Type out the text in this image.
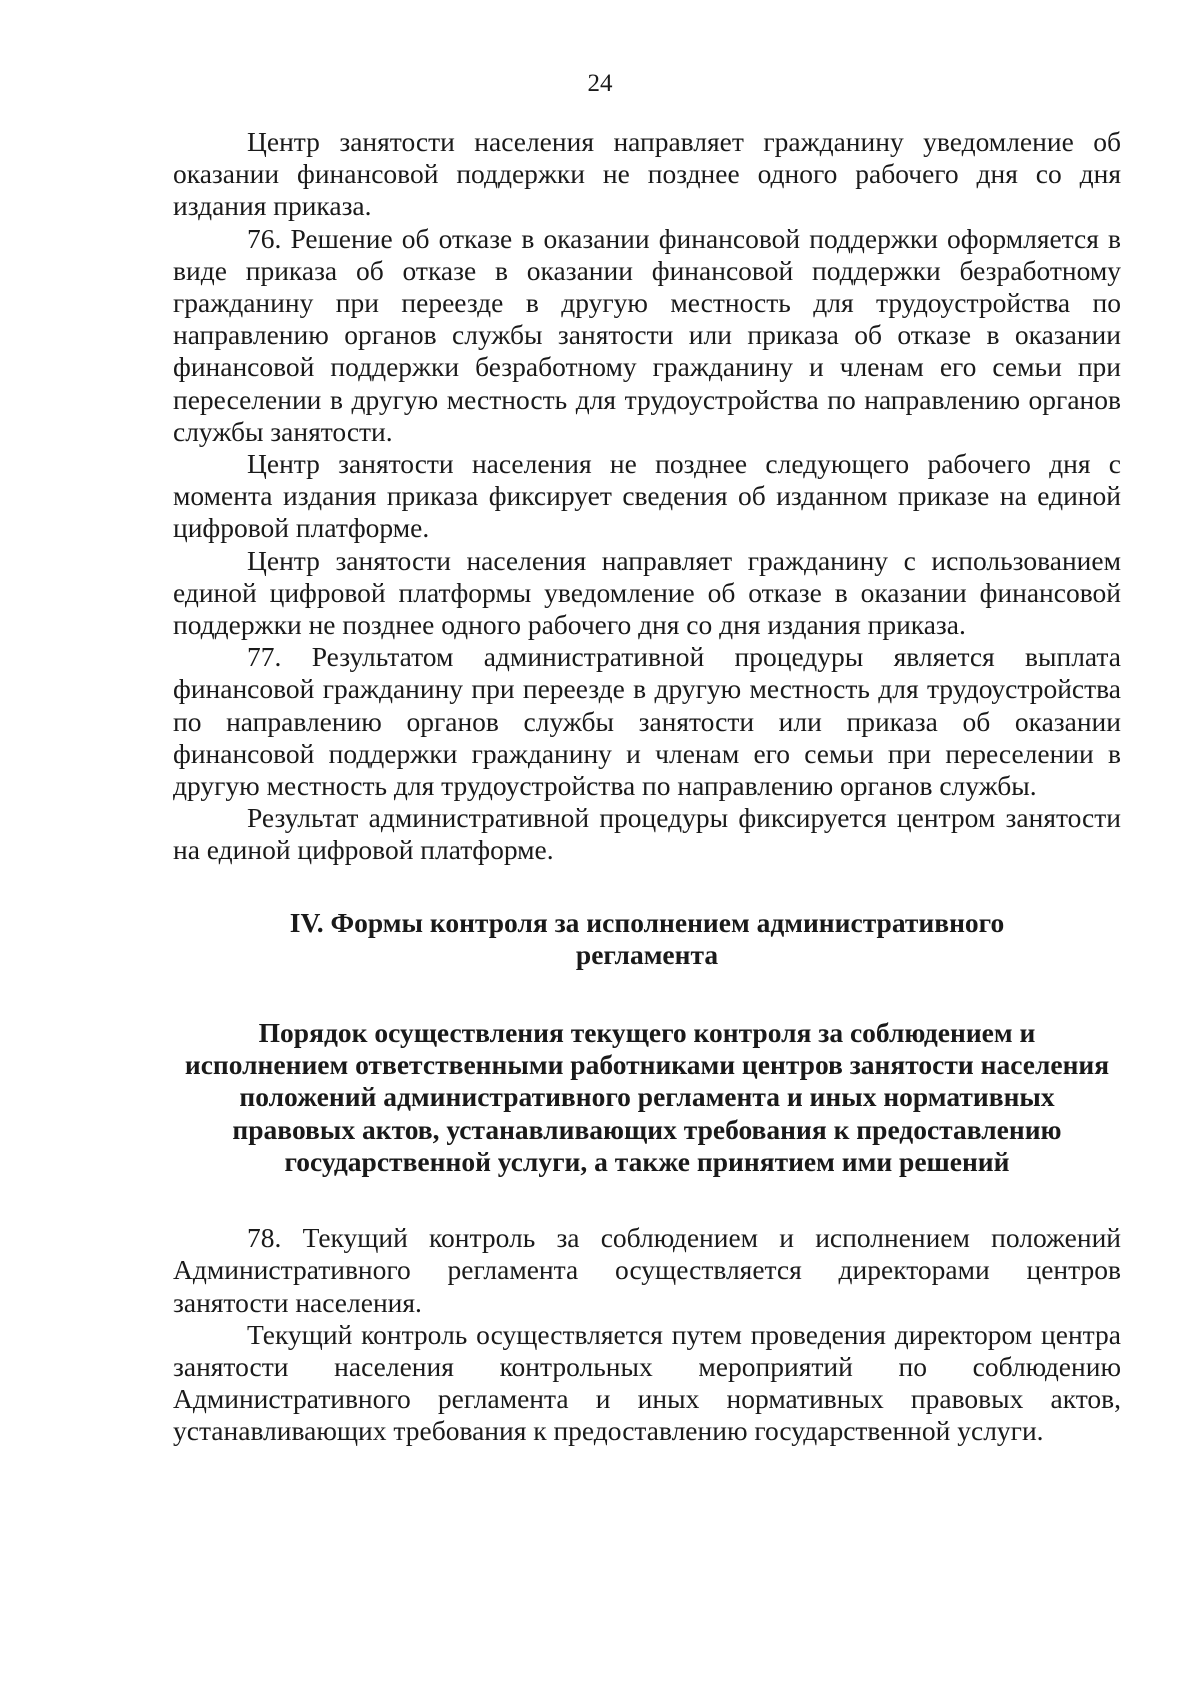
24

Центр занятости населения направляет гражданину уведомление об оказании финансовой поддержки не позднее одного рабочего дня со дня издания приказа.

76. Решение об отказе в оказании финансовой поддержки оформляется в виде приказа об отказе в оказании финансовой поддержки безработному гражданину при переезде в другую местность для трудоустройства по направлению органов службы занятости или приказа об отказе в оказании финансовой поддержки безработному гражданину и членам его семьи при переселении в другую местность для трудоустройства по направлению органов службы занятости.

Центр занятости населения не позднее следующего рабочего дня с момента издания приказа фиксирует сведения об изданном приказе на единой цифровой платформе.

Центр занятости населения направляет гражданину с использованием единой цифровой платформы уведомление об отказе в оказании финансовой поддержки не позднее одного рабочего дня со дня издания приказа.

77. Результатом административной процедуры является выплата финансовой гражданину при переезде в другую местность для трудоустройства по направлению органов службы занятости или приказа об оказании финансовой поддержки гражданину и членам его семьи при переселении в другую местность для трудоустройства по направлению органов службы.

Результат административной процедуры фиксируется центром занятости на единой цифровой платформе.

IV. Формы контроля за исполнением административного регламента
Порядок осуществления текущего контроля за соблюдением и исполнением ответственными работниками центров занятости населения положений административного регламента и иных нормативных правовых актов, устанавливающих требования к предоставлению государственной услуги, а также принятием ими решений

78. Текущий контроль за соблюдением и исполнением положений Административного регламента осуществляется директорами центров занятости населения.

Текущий контроль осуществляется путем проведения директором центра занятости населения контрольных мероприятий по соблюдению Административного регламента и иных нормативных правовых актов, устанавливающих требования к предоставлению государственной услуги.
